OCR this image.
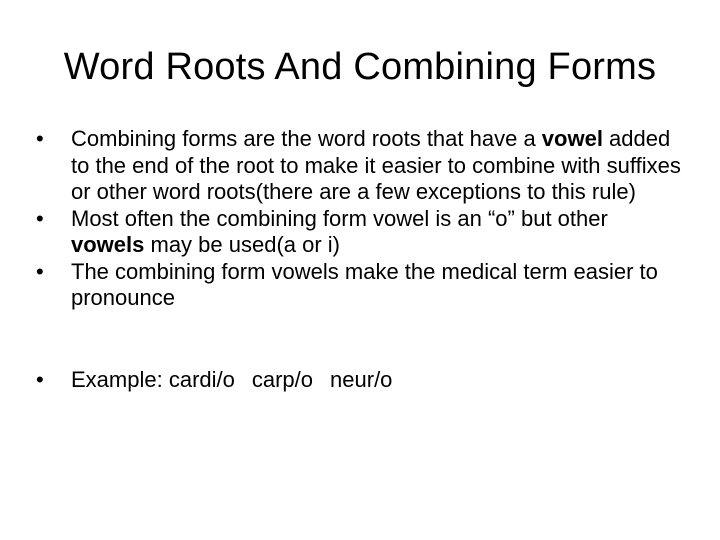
Word Roots And Combining Forms
• Combining forms are the word roots that have a vowel added to the end of the root to make it easier to combine with suffixes or other word roots(there are a few exceptions to this rule)
• Most often the combining form vowel is an “o” but other vowels may be used(a or i)
• The combining form vowels make the medical term easier to pronounce
• Example: cardi/o carp/o neur/o
